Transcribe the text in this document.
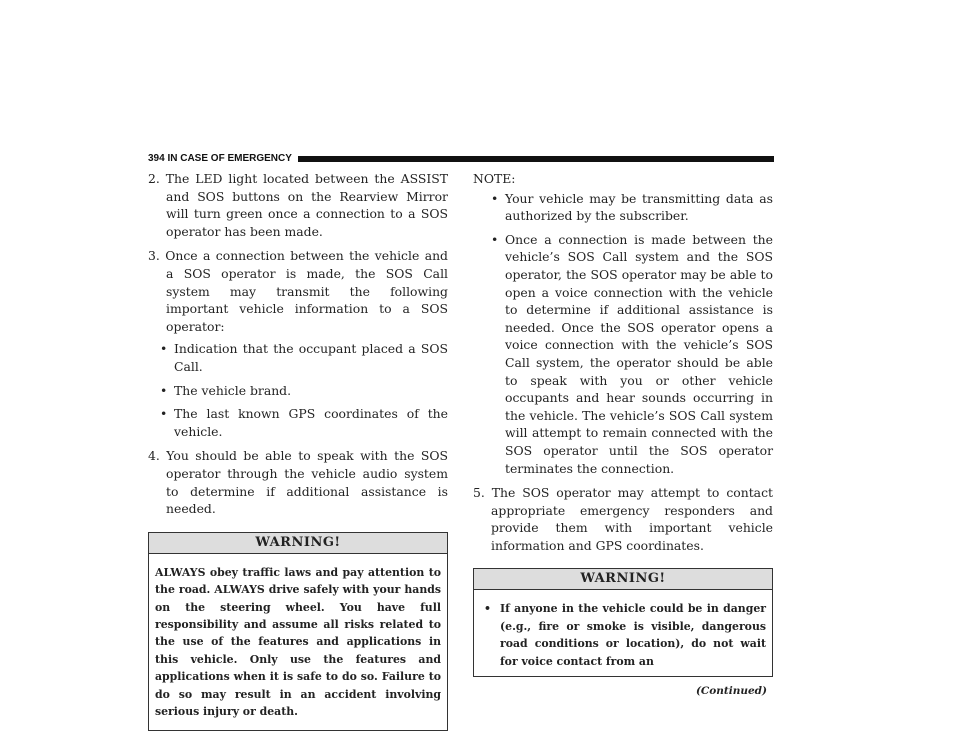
394 IN CASE OF EMERGENCY

2. The LED light located between the ASSIST and SOS buttons on the Rearview Mirror will turn green once a connection to a SOS operator has been made.

3. Once a connection between the vehicle and a SOS operator is made, the SOS Call system may transmit the following important vehicle information to a SOS operator:

• Indication that the occupant placed a SOS Call.

• The vehicle brand.

• The last known GPS coordinates of the vehicle.

4. You should be able to speak with the SOS operator through the vehicle audio system to determine if additional assistance is needed.

WARNING!

ALWAYS obey traffic laws and pay attention to the road. ALWAYS drive safely with your hands on the steering wheel. You have full responsibility and assume all risks related to the use of the features and applications in this vehicle. Only use the features and applications when it is safe to do so. Failure to do so may result in an accident involving serious injury or death.

NOTE:

• Your vehicle may be transmitting data as authorized by the subscriber.

• Once a connection is made between the vehicle’s SOS Call system and the SOS operator, the SOS operator may be able to open a voice connection with the vehicle to determine if additional assistance is needed. Once the SOS operator opens a voice connection with the vehicle’s SOS Call system, the operator should be able to speak with you or other vehicle occupants and hear sounds occurring in the vehicle. The vehicle’s SOS Call system will attempt to remain connected with the SOS operator until the SOS operator terminates the connection.

5. The SOS operator may attempt to contact appropriate emergency responders and provide them with important vehicle information and GPS coordinates.

WARNING!

• If anyone in the vehicle could be in danger (e.g., fire or smoke is visible, dangerous road conditions or location), do not wait for voice contact from an

(Continued)
